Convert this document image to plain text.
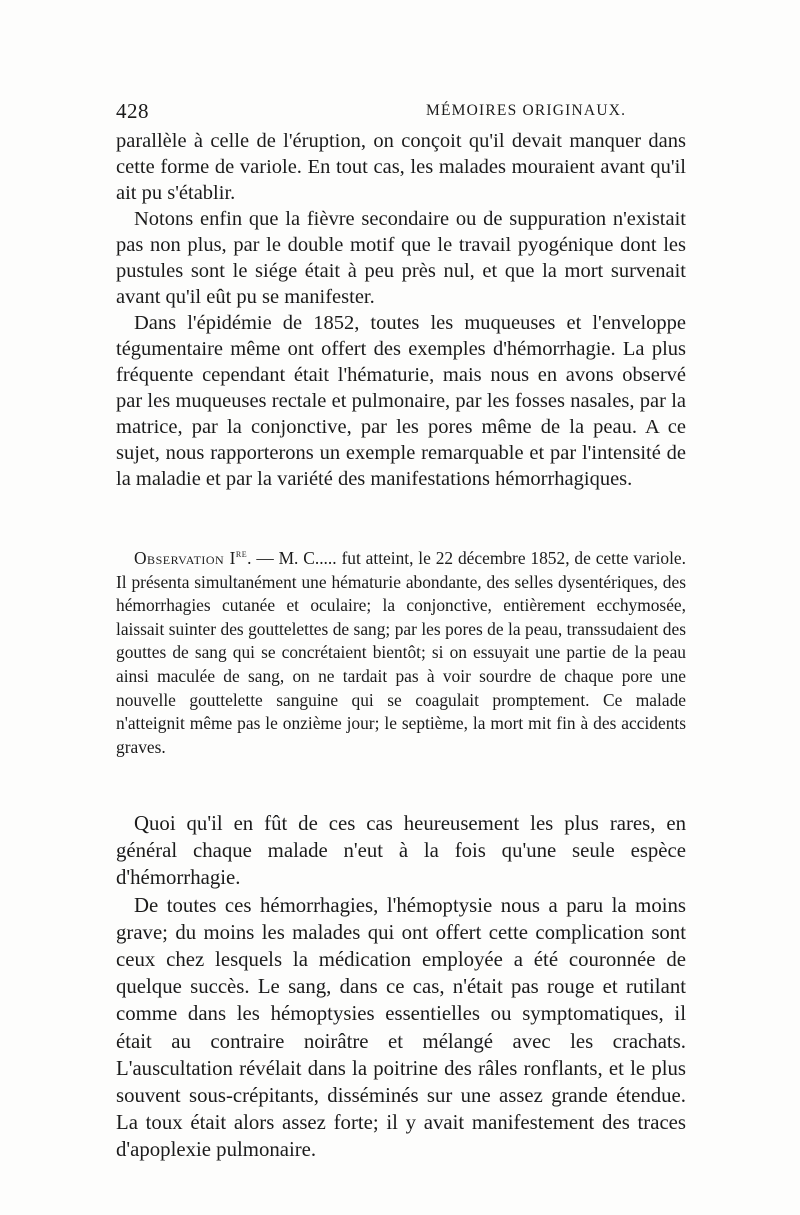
428	MÉMOIRES ORIGINAUX.

parallèle à celle de l'éruption, on conçoit qu'il devait manquer dans cette forme de variole. En tout cas, les malades mouraient avant qu'il ait pu s'établir.

Notons enfin que la fièvre secondaire ou de suppuration n'existait pas non plus, par le double motif que le travail pyogénique dont les pustules sont le siége était à peu près nul, et que la mort survenait avant qu'il eût pu se manifester.

Dans l'épidémie de 1852, toutes les muqueuses et l'enveloppe tégumentaire même ont offert des exemples d'hémorrhagie. La plus fréquente cependant était l'hématurie, mais nous en avons observé par les muqueuses rectale et pulmonaire, par les fosses nasales, par la matrice, par la conjonctive, par les pores même de la peau. A ce sujet, nous rapporterons un exemple remarquable et par l'intensité de la maladie et par la variété des manifestations hémorrhagiques.

Observation Ire. — M. C..... fut atteint, le 22 décembre 1852, de cette variole. Il présenta simultanément une hématurie abondante, des selles dysentériques, des hémorrhagies cutanée et oculaire; la conjonctive, entièrement ecchymosée, laissait suinter des gouttelettes de sang; par les pores de la peau, transsudaient des gouttes de sang qui se concrétaient bientôt; si on essuyait une partie de la peau ainsi maculée de sang, on ne tardait pas à voir sourdre de chaque pore une nouvelle gouttelette sanguine qui se coagulait promptement. Ce malade n'atteignit même pas le onzième jour; le septième, la mort mit fin à des accidents graves.

Quoi qu'il en fût de ces cas heureusement les plus rares, en général chaque malade n'eut à la fois qu'une seule espèce d'hémorrhagie.

De toutes ces hémorrhagies, l'hémoptysie nous a paru la moins grave; du moins les malades qui ont offert cette complication sont ceux chez lesquels la médication employée a été couronnée de quelque succès. Le sang, dans ce cas, n'était pas rouge et rutilant comme dans les hémoptysies essentielles ou symptomatiques, il était au contraire noirâtre et mélangé avec les crachats. L'auscultation révélait dans la poitrine des râles ronflants, et le plus souvent sous-crépitants, disséminés sur une assez grande étendue. La toux était alors assez forte; il y avait manifestement des traces d'apoplexie pulmonaire.
